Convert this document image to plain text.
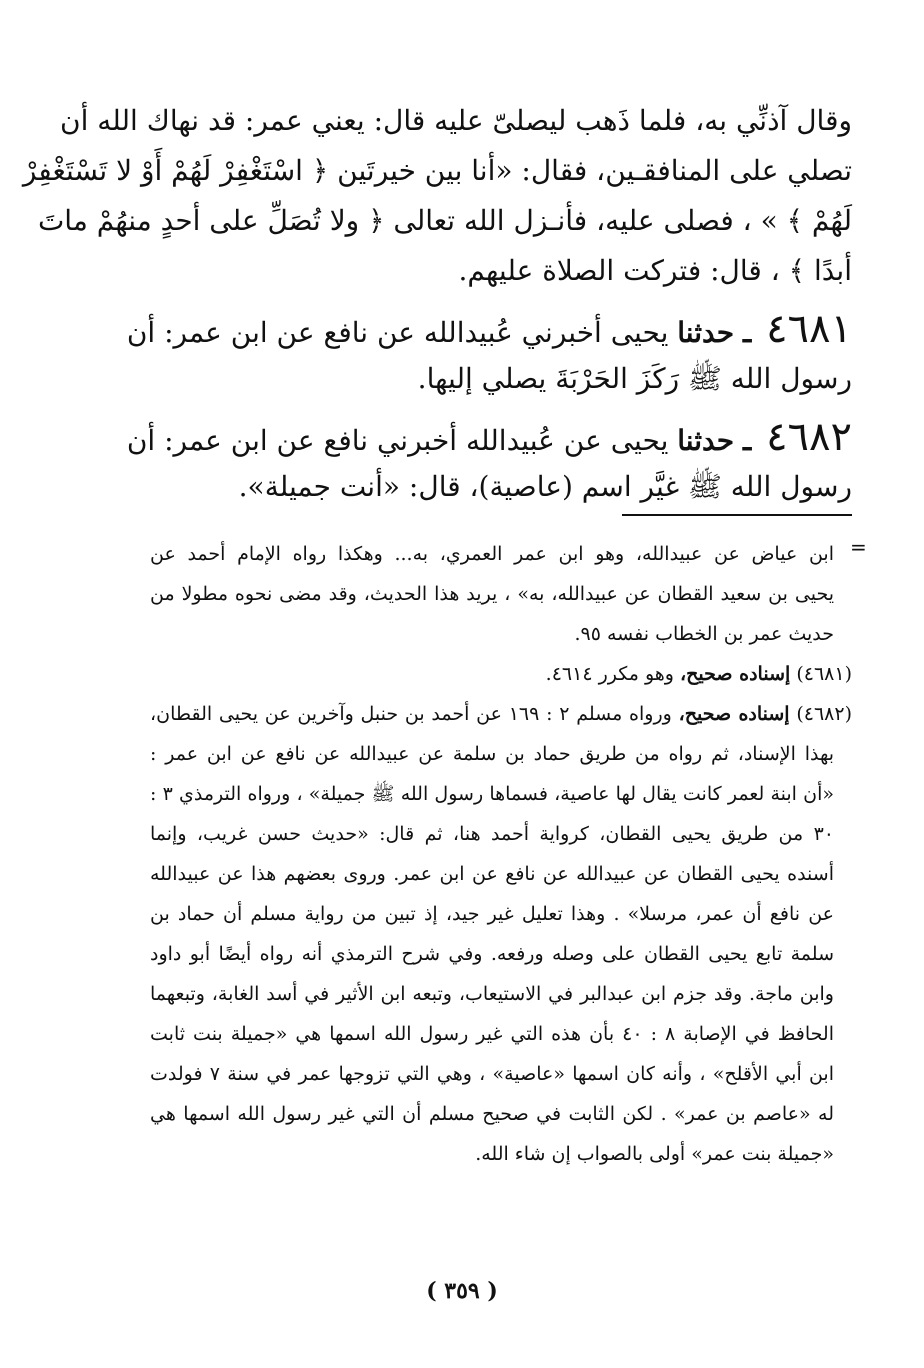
وقال آذنِّي به، فلما ذَهب ليصلىّ عليه قال: يعني عمر: قد نهاك الله أن
تصلي على المنافقـين، فقال: «أنا بين خيرتَين ﴿ اسْتَغْفِرْ لَهُمْ أَوْ لا تَسْتَغْفِرْ
لَهُمْ ﴾ » ، فصلى عليه، فأنـزل الله تعالى ﴿ ولا تُصَلِّ على أحدٍ منهُمْ ماتَ
أبدًا ﴾ ، قال: فتركت الصلاة عليهم.
٤٦٨١ ـ حدثنا يحيى أخبرني عُبيدالله عن نافع عن ابن عمر: أن
رسول الله ﷺ رَكَزَ الحَرْبَةَ يصلي إليها.
٤٦٨٢ ـ حدثنا يحيى عن عُبيدالله أخبرني نافع عن ابن عمر: أن
رسول الله ﷺ غيَّر اسم (عاصية)، قال: «أنت جميلة».
=
ابن عياض عن عبيدالله، وهو ابن عمر العمري، به... وهكذا رواه الإمام أحمد عن
يحيى بن سعيد القطان عن عبيدالله، به» ، يريد هذا الحديث، وقد مضى نحوه مطولا من
حديث عمر بن الخطاب نفسه ٩٥.
(٤٦٨١) إسناده صحيح، وهو مكرر ٤٦١٤.
(٤٦٨٢) إسناده صحيح، ورواه مسلم ٢ : ١٦٩ عن أحمد بن حنبل وآخرين عن يحيى القطان،
بهذا الإسناد، ثم رواه من طريق حماد بن سلمة عن عبيدالله عن نافع عن ابن عمر :
«أن ابنة لعمر كانت يقال لها عاصية، فسماها رسول الله ﷺ جميلة» ، ورواه الترمذي ٣ :
٣٠ من طريق يحيى القطان، كرواية أحمد هنا، ثم قال: «حديث حسن غريب، وإنما
أسنده يحيى القطان عن عبيدالله عن نافع عن ابن عمر. وروى بعضهم هذا عن عبيدالله
عن نافع أن عمر، مرسلا» . وهذا تعليل غير جيد، إذ تبين من رواية مسلم أن حماد بن
سلمة تابع يحيى القطان على وصله ورفعه. وفي شرح الترمذي أنه رواه أيضًا أبو داود
وابن ماجة. وقد جزم ابن عبدالبر في الاستيعاب، وتبعه ابن الأثير في أسد الغابة، وتبعهما
الحافظ في الإصابة ٨ : ٤٠ بأن هذه التي غير رسول الله اسمها هي «جميلة بنت ثابت
ابن أبي الأقلح» ، وأنه كان اسمها «عاصية» ، وهي التي تزوجها عمر في سنة ٧ فولدت
له «عاصم بن عمر» . لكن الثابت في صحيح مسلم أن التي غير رسول الله اسمها هي
«جميلة بنت عمر» أولى بالصواب إن شاء الله.
( ٣٥٩ )
